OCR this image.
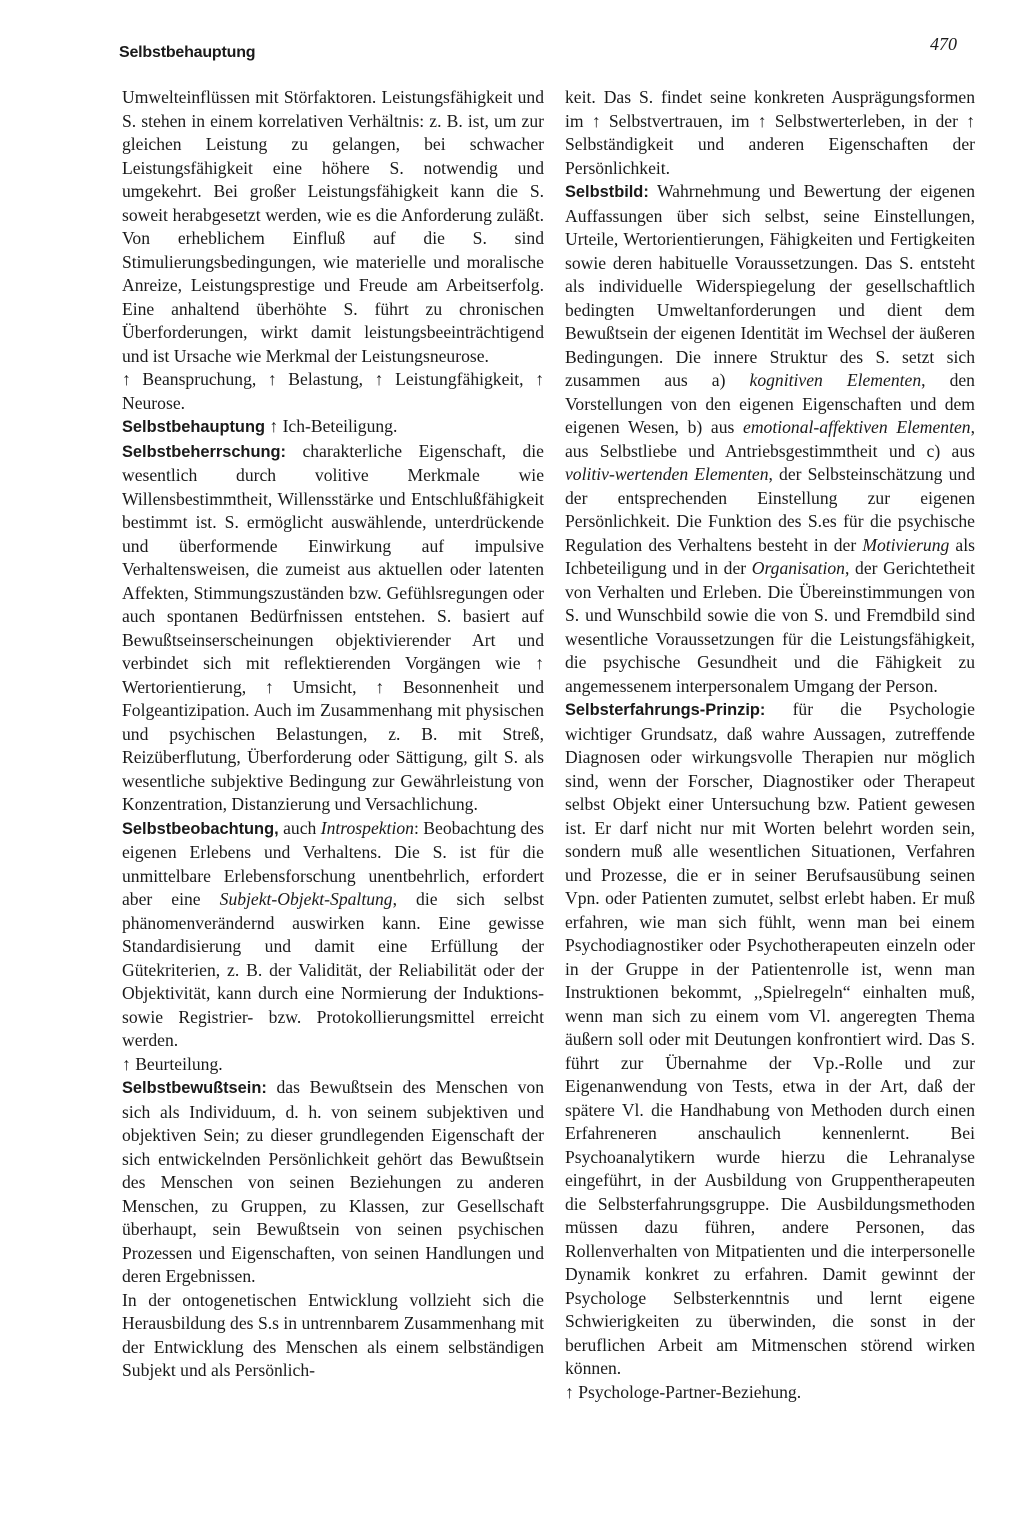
Selbstbehauptung	470

Umwelteinflüssen mit Störfaktoren. Leistungsfähigkeit und S. stehen in einem korrelativen Verhältnis: z. B. ist, um zur gleichen Leistung zu gelangen, bei schwacher Leistungsfähigkeit eine höhere S. notwendig und umgekehrt. Bei großer Leistungsfähigkeit kann die S. soweit herabgesetzt werden, wie es die Anforderung zuläßt. Von erheblichem Einfluß auf die S. sind Stimulierungsbedingungen, wie materielle und moralische Anreize, Leistungsprestige und Freude am Arbeitserfolg. Eine anhaltend überhöhte S. führt zu chronischen Überforderungen, wirkt damit leistungsbeeinträchtigend und ist Ursache wie Merkmal der Leistungsneurose.

↑ Beanspruchung, ↑ Belastung, ↑ Leistungfähigkeit, ↑ Neurose.

Selbstbehauptung ↑ Ich-Beteiligung.

Selbstbeherrschung: charakterliche Eigenschaft, die wesentlich durch volitive Merkmale wie Willensbestimmtheit, Willensstärke und Entschlußfähigkeit bestimmt ist. S. ermöglicht auswählende, unterdrückende und überformende Einwirkung auf impulsive Verhaltensweisen, die zumeist aus aktuellen oder latenten Affekten, Stimmungszuständen bzw. Gefühlsregungen oder auch spontanen Bedürfnissen entstehen. S. basiert auf Bewußtseinserscheinungen objektivierender Art und verbindet sich mit reflektierenden Vorgängen wie ↑ Wertorientierung, ↑ Umsicht, ↑ Besonnenheit und Folgeantizipation. Auch im Zusammenhang mit physischen und psychischen Belastungen, z. B. mit Streß, Reizüberflutung, Überforderung oder Sättigung, gilt S. als wesentliche subjektive Bedingung zur Gewährleistung von Konzentration, Distanzierung und Versachlichung.

Selbstbeobachtung, auch Introspektion: Beobachtung des eigenen Erlebens und Verhaltens. Die S. ist für die unmittelbare Erlebensforschung unentbehrlich, erfordert aber eine Subjekt-Objekt-Spaltung, die sich selbst phänomenverändernd auswirken kann. Eine gewisse Standardisierung und damit eine Erfüllung der Gütekriterien, z. B. der Validität, der Reliabilität oder der Objektivität, kann durch eine Normierung der Induktions- sowie Registrier- bzw. Protokollierungsmittel erreicht werden.

↑ Beurteilung.

Selbstbewußtsein: das Bewußtsein des Menschen von sich als Individuum, d. h. von seinem subjektiven und objektiven Sein; zu dieser grundlegenden Eigenschaft der sich entwickelnden Persönlichkeit gehört das Bewußtsein des Menschen von seinen Beziehungen zu anderen Menschen, zu Gruppen, zu Klassen, zur Gesellschaft überhaupt, sein Bewußtsein von seinen psychischen Prozessen und Eigenschaften, von seinen Handlungen und deren Ergebnissen.

In der ontogenetischen Entwicklung vollzieht sich die Herausbildung des S.s in untrennbarem Zusammenhang mit der Entwicklung des Menschen als einem selbständigen Subjekt und als Persönlich-

keit. Das S. findet seine konkreten Ausprägungsformen im ↑ Selbstvertrauen, im ↑ Selbstwerterleben, in der ↑ Selbständigkeit und anderen Eigenschaften der Persönlichkeit.

Selbstbild: Wahrnehmung und Bewertung der eigenen Auffassungen über sich selbst, seine Einstellungen, Urteile, Wertorientierungen, Fähigkeiten und Fertigkeiten sowie deren habituelle Voraussetzungen. Das S. entsteht als individuelle Widerspiegelung der gesellschaftlich bedingten Umweltanforderungen und dient dem Bewußtsein der eigenen Identität im Wechsel der äußeren Bedingungen. Die innere Struktur des S. setzt sich zusammen aus a) kognitiven Elementen, den Vorstellungen von den eigenen Eigenschaften und dem eigenen Wesen, b) aus emotional-affektiven Elementen, aus Selbstliebe und Antriebsgestimmtheit und c) aus volitiv-wertenden Elementen, der Selbsteinschätzung und der entsprechenden Einstellung zur eigenen Persönlichkeit. Die Funktion des S.es für die psychische Regulation des Verhaltens besteht in der Motivierung als Ichbeteiligung und in der Organisation, der Gerichtetheit von Verhalten und Erleben. Die Übereinstimmungen von S. und Wunschbild sowie die von S. und Fremdbild sind wesentliche Voraussetzungen für die Leistungsfähigkeit, die psychische Gesundheit und die Fähigkeit zu angemessenem interpersonalem Umgang der Person.

Selbsterfahrungs-Prinzip: für die Psychologie wichtiger Grundsatz, daß wahre Aussagen, zutreffende Diagnosen oder wirkungsvolle Therapien nur möglich sind, wenn der Forscher, Diagnostiker oder Therapeut selbst Objekt einer Untersuchung bzw. Patient gewesen ist. Er darf nicht nur mit Worten belehrt worden sein, sondern muß alle wesentlichen Situationen, Verfahren und Prozesse, die er in seiner Berufsausübung seinen Vpn. oder Patienten zumutet, selbst erlebt haben. Er muß erfahren, wie man sich fühlt, wenn man bei einem Psychodiagnostiker oder Psychotherapeuten einzeln oder in der Gruppe in der Patientenrolle ist, wenn man Instruktionen bekommt, ,,Spielregeln“ einhalten muß, wenn man sich zu einem vom Vl. angeregten Thema äußern soll oder mit Deutungen konfrontiert wird. Das S. führt zur Übernahme der Vp.-Rolle und zur Eigenanwendung von Tests, etwa in der Art, daß der spätere Vl. die Handhabung von Methoden durch einen Erfahreneren anschaulich kennenlernt. Bei Psychoanalytikern wurde hierzu die Lehranalyse eingeführt, in der Ausbildung von Gruppentherapeuten die Selbsterfahrungsgruppe. Die Ausbildungsmethoden müssen dazu führen, andere Personen, das Rollenverhalten von Mitpatienten und die interpersonelle Dynamik konkret zu erfahren. Damit gewinnt der Psychologe Selbsterkenntnis und lernt eigene Schwierigkeiten zu überwinden, die sonst in der beruflichen Arbeit am Mitmenschen störend wirken können.

↑ Psychologe-Partner-Beziehung.
